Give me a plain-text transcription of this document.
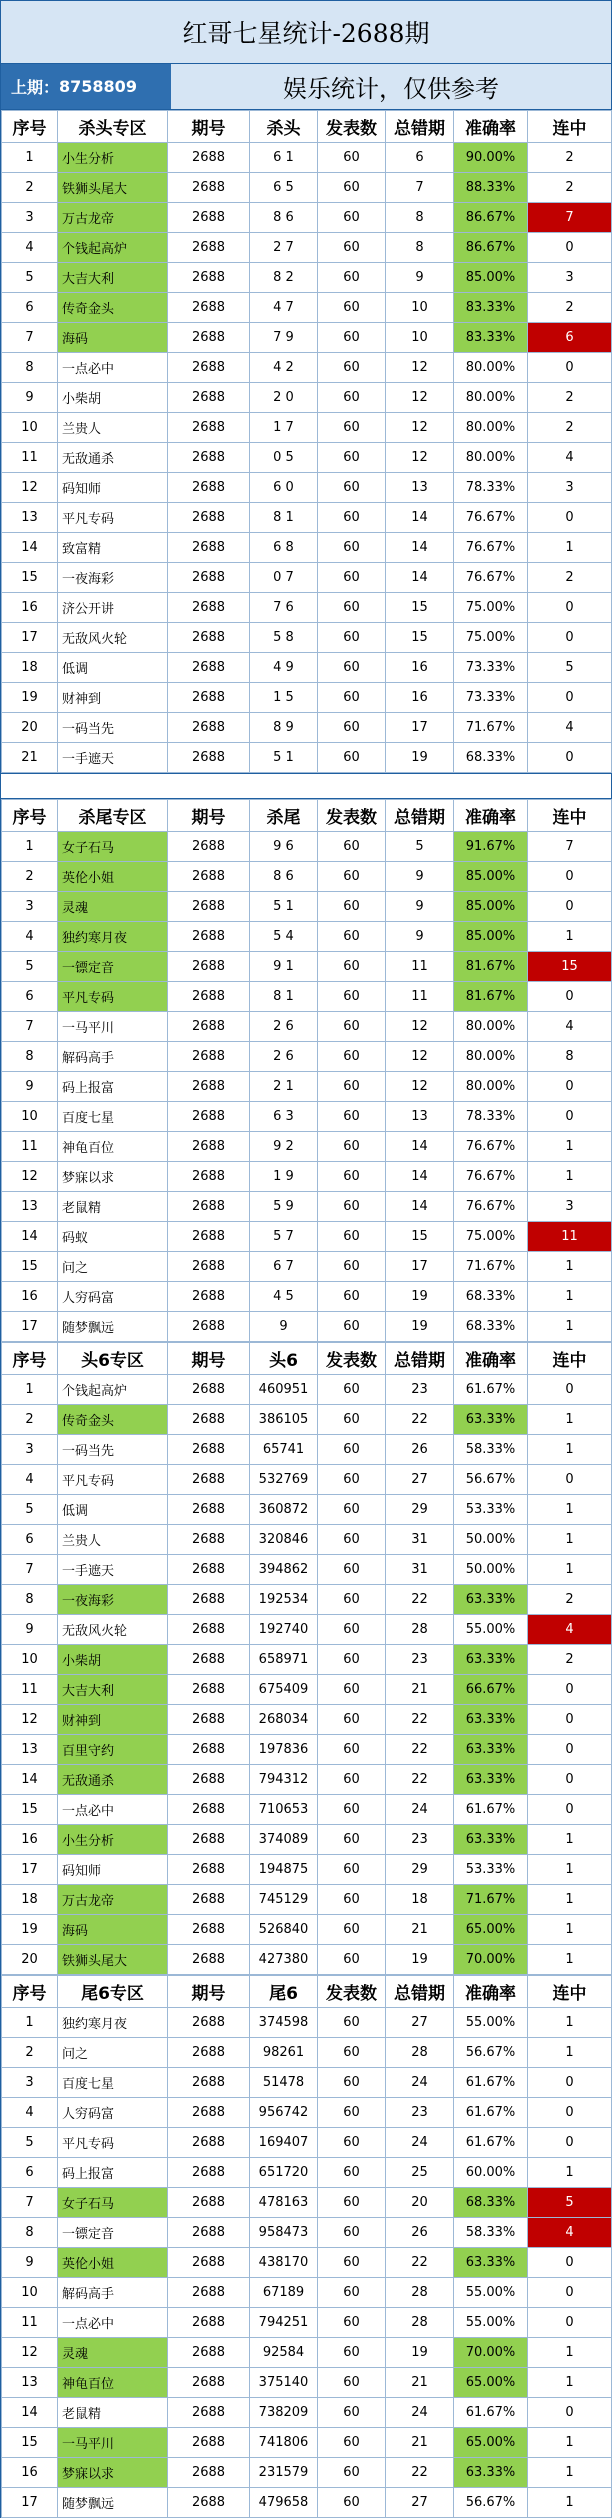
红哥七星统计-2688期
上期： 8758809	娱乐统计，仅供参考
序号	杀头专区	期号	杀头	发表数	总错期	准确率	连中
1	小生分析	2688	6 1	60	6	90.00%	2
2	铁狮头尾大	2688	6 5	60	7	88.33%	2
3	万古龙帝	2688	8 6	60	8	86.67%	7
4	个钱起高炉	2688	2 7	60	8	86.67%	0
5	大吉大利	2688	8 2	60	9	85.00%	3
6	传奇金头	2688	4 7	60	10	83.33%	2
7	海码	2688	7 9	60	10	83.33%	6
8	一点必中	2688	4 2	60	12	80.00%	0
9	小柴胡	2688	2 0	60	12	80.00%	2
10	兰贵人	2688	1 7	60	12	80.00%	2
11	无敌通杀	2688	0 5	60	12	80.00%	4
12	码知师	2688	6 0	60	13	78.33%	3
13	平凡专码	2688	8 1	60	14	76.67%	0
14	致富精	2688	6 8	60	14	76.67%	1
15	一夜海彩	2688	0 7	60	14	76.67%	2
16	济公开讲	2688	7 6	60	15	75.00%	0
17	无敌风火轮	2688	5 8	60	15	75.00%	0
18	低调	2688	4 9	60	16	73.33%	5
19	财神到	2688	1 5	60	16	73.33%	0
20	一码当先	2688	8 9	60	17	71.67%	4
21	一手遮天	2688	5 1	60	19	68.33%	0
序号	杀尾专区	期号	杀尾	发表数	总错期	准确率	连中
1	女子石马	2688	9 6	60	5	91.67%	7
2	英伦小姐	2688	8 6	60	9	85.00%	0
3	灵魂	2688	5 1	60	9	85.00%	0
4	独约寒月夜	2688	5 4	60	9	85.00%	1
5	一镖定音	2688	9 1	60	11	81.67%	15
6	平凡专码	2688	8 1	60	11	81.67%	0
7	一马平川	2688	2 6	60	12	80.00%	4
8	解码高手	2688	2 6	60	12	80.00%	8
9	码上报富	2688	2 1	60	12	80.00%	0
10	百度七星	2688	6 3	60	13	78.33%	0
11	神龟百位	2688	9 2	60	14	76.67%	1
12	梦寐以求	2688	1 9	60	14	76.67%	1
13	老鼠精	2688	5 9	60	14	76.67%	3
14	码蚁	2688	5 7	60	15	75.00%	11
15	问之	2688	6 7	60	17	71.67%	1
16	人穷码富	2688	4 5	60	19	68.33%	1
17	随梦飘远	2688	9	60	19	68.33%	1
序号	头6专区	期号	头6	发表数	总错期	准确率	连中
1	个钱起高炉	2688	460951	60	23	61.67%	0
2	传奇金头	2688	386105	60	22	63.33%	1
3	一码当先	2688	65741	60	26	58.33%	1
4	平凡专码	2688	532769	60	27	56.67%	0
5	低调	2688	360872	60	29	53.33%	1
6	兰贵人	2688	320846	60	31	50.00%	1
7	一手遮天	2688	394862	60	31	50.00%	1
8	一夜海彩	2688	192534	60	22	63.33%	2
9	无敌风火轮	2688	192740	60	28	55.00%	4
10	小柴胡	2688	658971	60	23	63.33%	2
11	大吉大利	2688	675409	60	21	66.67%	0
12	财神到	2688	268034	60	22	63.33%	0
13	百里守约	2688	197836	60	22	63.33%	0
14	无敌通杀	2688	794312	60	22	63.33%	0
15	一点必中	2688	710653	60	24	61.67%	0
16	小生分析	2688	374089	60	23	63.33%	1
17	码知师	2688	194875	60	29	53.33%	1
18	万古龙帝	2688	745129	60	18	71.67%	1
19	海码	2688	526840	60	21	65.00%	1
20	铁狮头尾大	2688	427380	60	19	70.00%	1
序号	尾6专区	期号	尾6	发表数	总错期	准确率	连中
1	独约寒月夜	2688	374598	60	27	55.00%	1
2	问之	2688	98261	60	28	56.67%	1
3	百度七星	2688	51478	60	24	61.67%	0
4	人穷码富	2688	956742	60	23	61.67%	0
5	平凡专码	2688	169407	60	24	61.67%	0
6	码上报富	2688	651720	60	25	60.00%	1
7	女子石马	2688	478163	60	20	68.33%	5
8	一镖定音	2688	958473	60	26	58.33%	4
9	英伦小姐	2688	438170	60	22	63.33%	0
10	解码高手	2688	67189	60	28	55.00%	0
11	一点必中	2688	794251	60	28	55.00%	0
12	灵魂	2688	92584	60	19	70.00%	1
13	神龟百位	2688	375140	60	21	65.00%	1
14	老鼠精	2688	738209	60	24	61.67%	0
15	一马平川	2688	741806	60	21	65.00%	1
16	梦寐以求	2688	231579	60	22	63.33%	1
17	随梦飘远	2688	479658	60	27	56.67%	1
